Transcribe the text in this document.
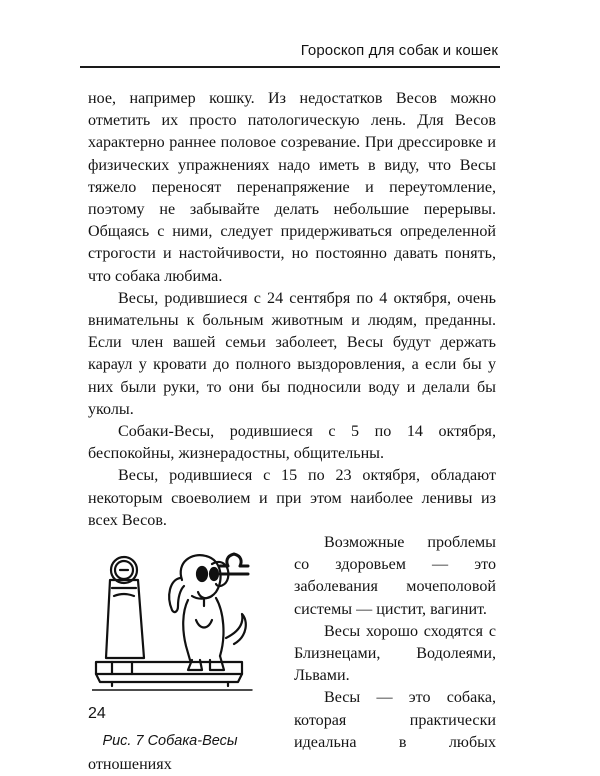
Гороскоп для собак и кошек

ное, например кошку. Из недостатков Весов можно отметить их просто патологическую лень. Для Весов характерно раннее половое созревание. При дрессировке и физических упражнениях надо иметь в виду, что Весы тяжело переносят перенапряжение и переутомление, поэтому не забывайте делать небольшие перерывы. Общаясь с ними, следует придерживаться определенной строгости и настойчивости, но постоянно давать понять, что собака любима.

Весы, родившиеся с 24 сентября по 4 октября, очень внимательны к больным животным и людям, преданны. Если член вашей семьи заболеет, Весы будут держать караул у кровати до полного выздоровления, а если бы у них были руки, то они бы подносили воду и делали бы уколы.

Собаки-Весы, родившиеся с 5 по 14 октября, беспокойны, жизнерадостны, общительны.

Весы, родившиеся с 15 по 23 октября, обладают некоторым своеволием и при этом наиболее ленивы из всех Весов.

Рис. 7 Собака-Весы

Возможные проблемы со здоровьем — это заболевания мочеполовой системы — цистит, вагинит.

Весы хорошо сходятся с Близнецами, Водолеями, Львами.

Весы — это собака, которая практически идеальна в любых отношениях

24
